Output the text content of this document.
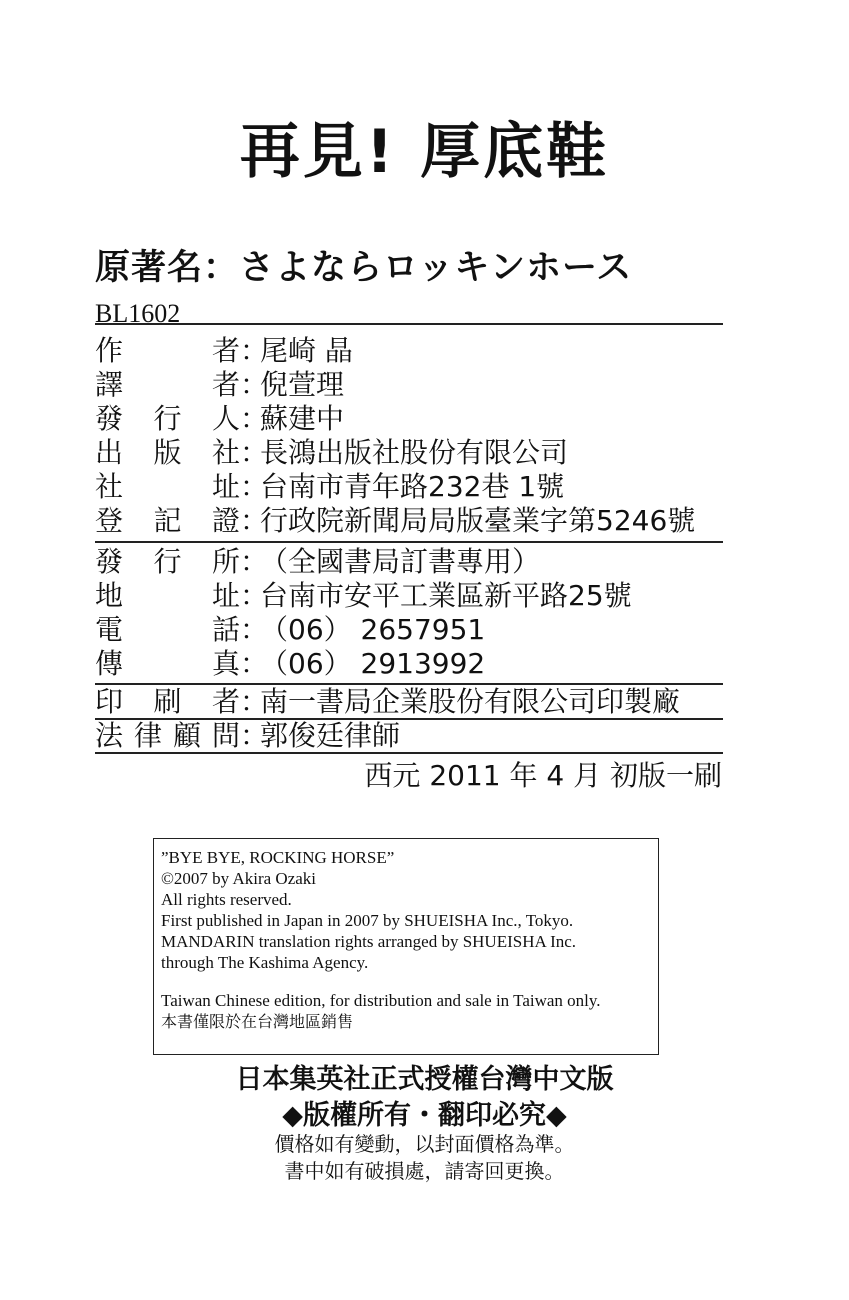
再見! 厚底鞋
原著名：さよならロッキンホース
BL1602
作者：尾崎 晶
譯者：倪萱理
發行人：蘇建中
出版社：長鴻出版社股份有限公司
社址：台南市青年路232巷 1號
登記證：行政院新聞局局版臺業字第5246號
發行所：（全國書局訂書專用）
地址：台南市安平工業區新平路25號
電話：（06） 2657951
傳真：（06） 2913992
印刷者：南一書局企業股份有限公司印製廠
法律顧問：郭俊廷律師
西元 2011 年 4 月 初版一刷
”BYE BYE, ROCKING HORSE”
©2007 by Akira Ozaki
All rights reserved.
First published in Japan in 2007 by SHUEISHA Inc., Tokyo.
MANDARIN translation rights arranged by SHUEISHA Inc.
through The Kashima Agency.
Taiwan Chinese edition, for distribution and sale in Taiwan only.
本書僅限於在台灣地區銷售
日本集英社正式授權台灣中文版
◆版權所有・翻印必究◆
價格如有變動，以封面價格為準。
書中如有破損處，請寄回更換。
